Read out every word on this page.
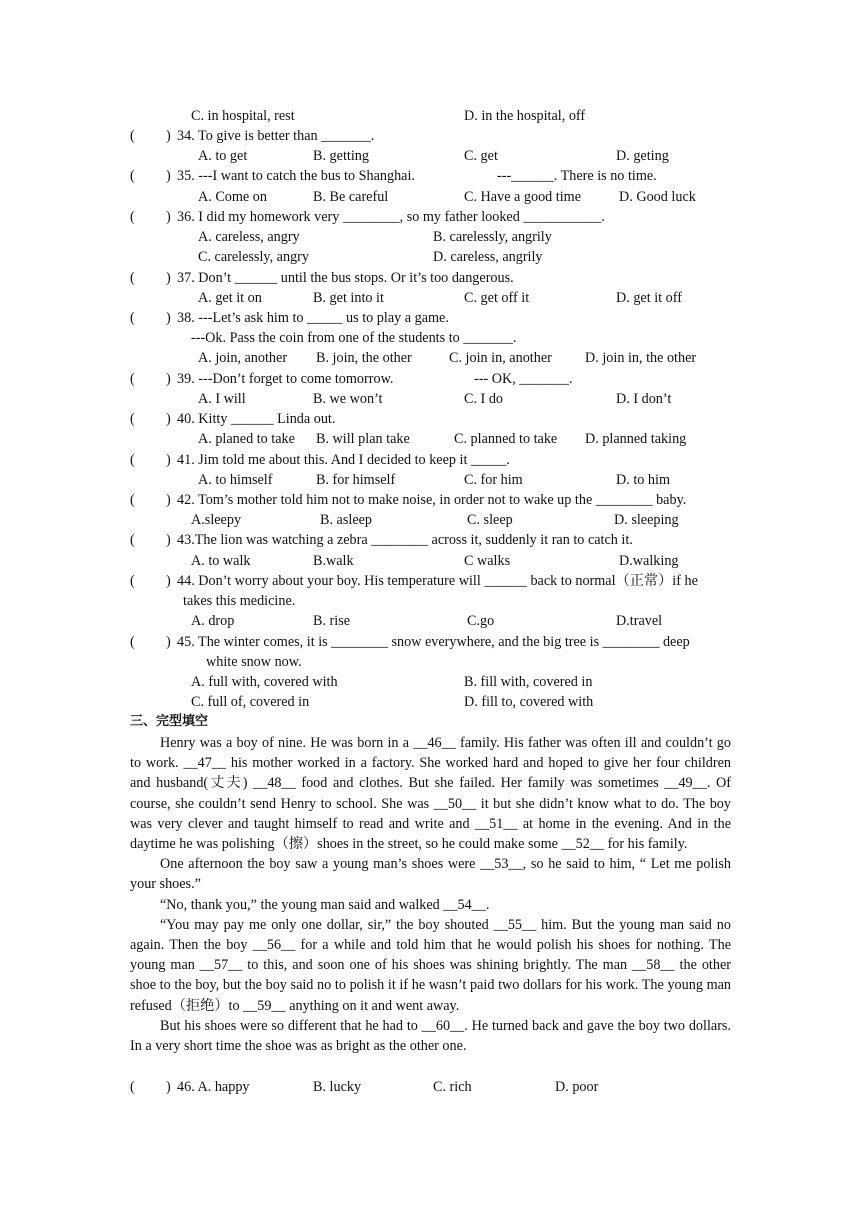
C. in hospital, rest	D. in the hospital, off
( ) 34. To give is better than _______.
A. to get	B. getting	C. get	D. geting
( ) 35. ---I want to catch the bus to Shanghai.	---______. There is no time.
A. Come on	B. Be careful	C. Have a good time	D. Good luck
( ) 36. I did my homework very ________, so my father looked ___________.
A. careless, angry	B. carelessly, angrily
C. carelessly, angry	D. careless, angrily
( ) 37. Don’t ______ until the bus stops. Or it’s too dangerous.
A. get it on	B. get into it	C. get off it	D. get it off
( ) 38. ---Let’s ask him to _____ us to play a game.
---Ok. Pass the coin from one of the students to _______.
A. join, another B. join, the other	C. join in, another D. join in, the other
( ) 39. ---Don’t forget to come tomorrow.	--- OK, _______.
A. I will	B. we won’t	C. I do	D. I don’t
( ) 40. Kitty ______ Linda out.
A. planed to take B. will plan take	C. planned to take D. planned taking
( ) 41. Jim told me about this. And I decided to keep it _____.
A. to himself	B. for himself	C. for him	D. to him
( ) 42. Tom’s mother told him not to make noise, in order not to wake up the ________ baby.
A.sleepy	B. asleep	C. sleep	D. sleeping
( ) 43.The lion was watching a zebra ________ across it, suddenly it ran to catch it.
A. to walk	B.walk	C walks	D.walking
( ) 44. Don’t worry about your boy. His temperature will ______ back to normal（正常）if he
takes this medicine.
A. drop	B. rise	C.go	D.travel
( ) 45. The winter comes, it is ________ snow everywhere, and the big tree is ________ deep
white snow now.
A. full with, covered with	B. fill with, covered in
C. full of, covered in	D. fill to, covered with
三、完型填空

Henry was a boy of nine. He was born in a __46__ family. His father was often ill and couldn’t go to work. __47__ his mother worked in a factory. She worked hard and hoped to give her four children and husband(丈夫) __48__ food and clothes. But she failed. Her family was sometimes __49__. Of course, she couldn’t send Henry to school. She was __50__ it but she didn’t know what to do. The boy was very clever and taught himself to read and write and __51__ at home in the evening. And in the daytime he was polishing（擦）shoes in the street, so he could make some __52__ for his family.

One afternoon the boy saw a young man’s shoes were __53__, so he said to him, “ Let me polish your shoes.”

“No, thank you,” the young man said and walked __54__.

“You may pay me only one dollar, sir,” the boy shouted __55__ him. But the young man said no again. Then the boy __56__ for a while and told him that he would polish his shoes for nothing. The young man __57__ to this, and soon one of his shoes was shining brightly. The man __58__ the other shoe to the boy, but the boy said no to polish it if he wasn’t paid two dollars for his work. The young man refused（拒绝）to __59__ anything on it and went away.

But his shoes were so different that he had to __60__. He turned back and gave the boy two dollars. In a very short time the shoe was as bright as the other one.

( ) 46. A. happy	B. lucky	C. rich	D. poor
